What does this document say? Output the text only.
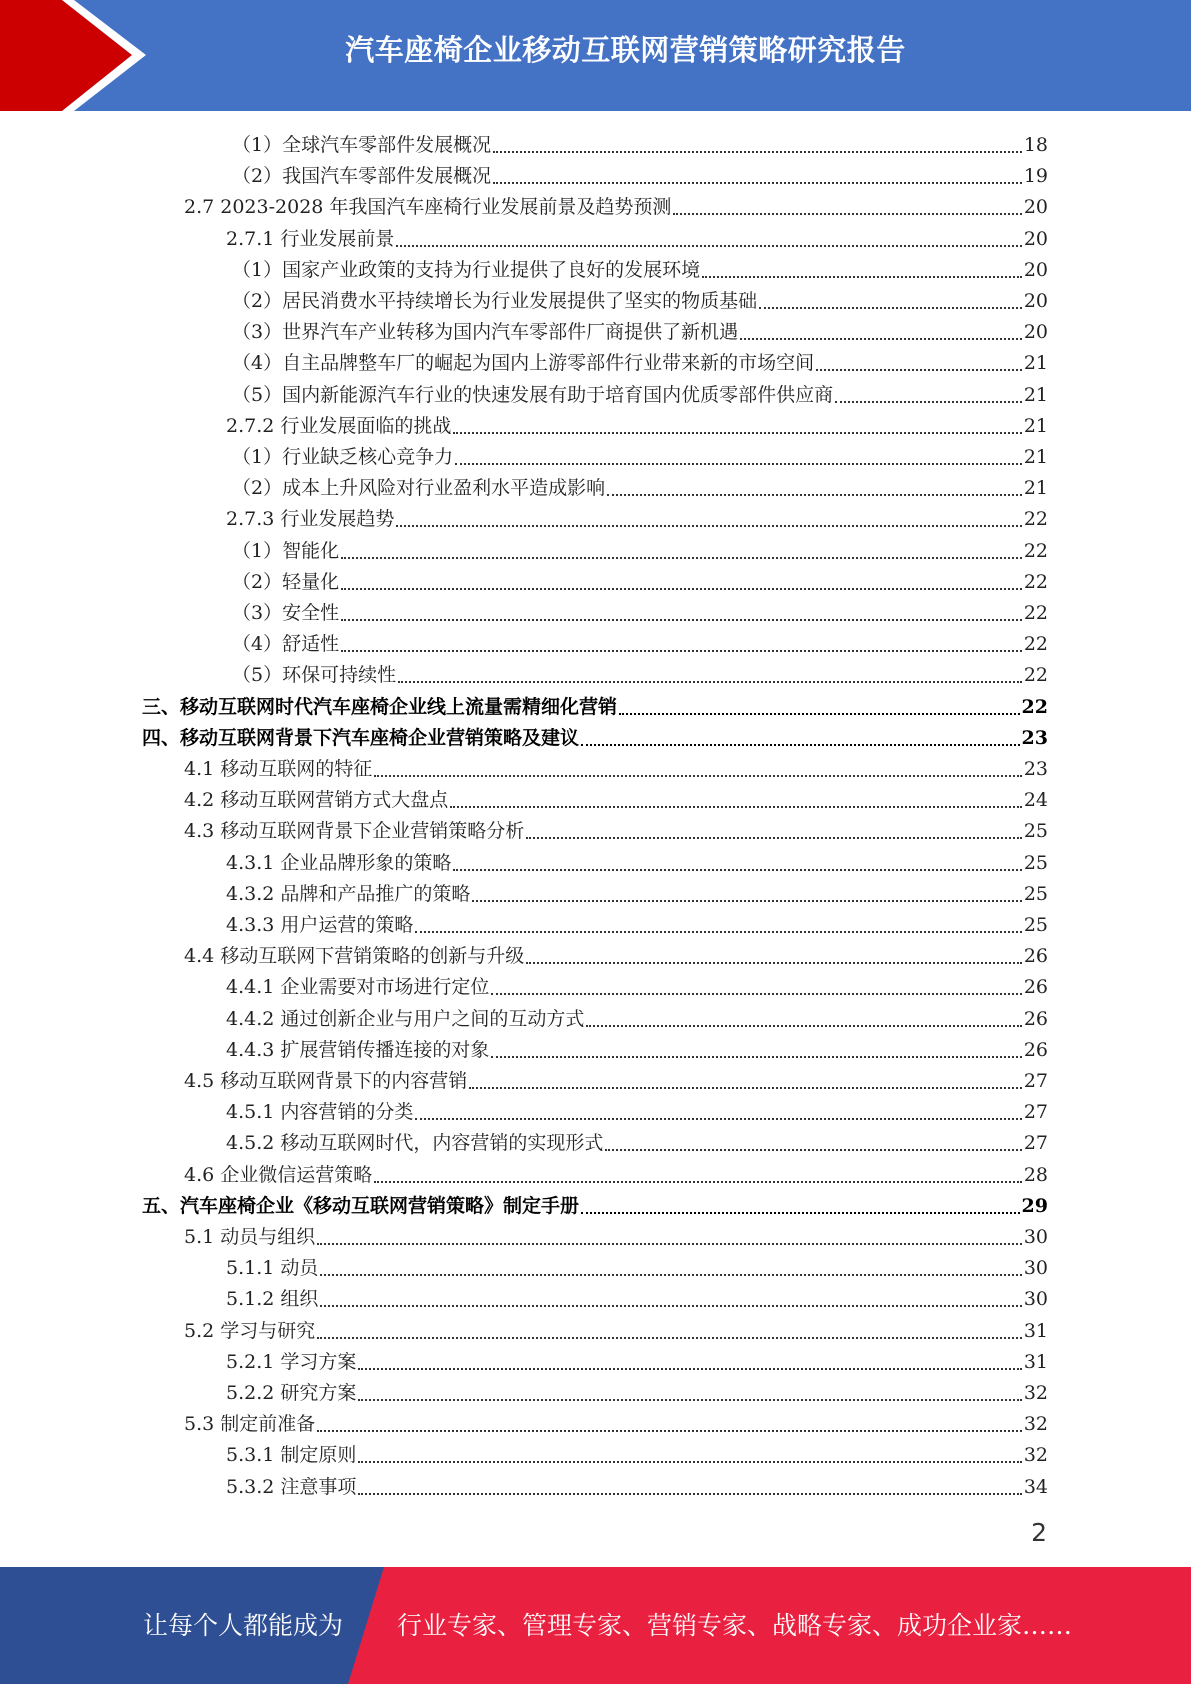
汽车座椅企业移动互联网营销策略研究报告
（1）全球汽车零部件发展概况	18
（2）我国汽车零部件发展概况	19
2.7 2023-2028 年我国汽车座椅行业发展前景及趋势预测	20
2.7.1 行业发展前景	20
（1）国家产业政策的支持为行业提供了良好的发展环境	20
（2）居民消费水平持续增长为行业发展提供了坚实的物质基础	20
（3）世界汽车产业转移为国内汽车零部件厂商提供了新机遇	20
（4）自主品牌整车厂的崛起为国内上游零部件行业带来新的市场空间	21
（5）国内新能源汽车行业的快速发展有助于培育国内优质零部件供应商	21
2.7.2 行业发展面临的挑战	21
（1）行业缺乏核心竞争力	21
（2）成本上升风险对行业盈利水平造成影响	21
2.7.3 行业发展趋势	22
（1）智能化	22
（2）轻量化	22
（3）安全性	22
（4）舒适性	22
（5）环保可持续性	22
三、移动互联网时代汽车座椅企业线上流量需精细化营销	22
四、移动互联网背景下汽车座椅企业营销策略及建议	23
4.1 移动互联网的特征	23
4.2 移动互联网营销方式大盘点	24
4.3 移动互联网背景下企业营销策略分析	25
4.3.1 企业品牌形象的策略	25
4.3.2 品牌和产品推广的策略	25
4.3.3 用户运营的策略	25
4.4 移动互联网下营销策略的创新与升级	26
4.4.1 企业需要对市场进行定位	26
4.4.2 通过创新企业与用户之间的互动方式	26
4.4.3 扩展营销传播连接的对象	26
4.5 移动互联网背景下的内容营销	27
4.5.1 内容营销的分类	27
4.5.2 移动互联网时代，内容营销的实现形式	27
4.6 企业微信运营策略	28
五、汽车座椅企业《移动互联网营销策略》制定手册	29
5.1 动员与组织	30
5.1.1 动员	30
5.1.2 组织	30
5.2 学习与研究	31
5.2.1 学习方案	31
5.2.2 研究方案	32
5.3 制定前准备	32
5.3.1 制定原则	32
5.3.2 注意事项	34
2
让每个人都能成为 行业专家、管理专家、营销专家、战略专家、成功企业家……
